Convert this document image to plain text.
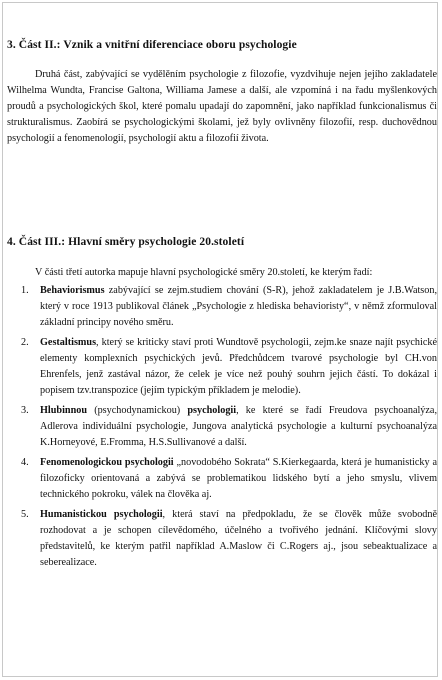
3. Část II.: Vznik a vnitřní diferenciace oboru psychologie

Druhá část, zabývající se vydělěním psychologie z filozofie, vyzdvihuje nejen jejího zakladatele Wilhelma Wundta, Francise Galtona, Williama Jamese a další, ale vzpomíná i na řadu myšlenkových proudů a psychologických škol, které pomalu upadají do zapomnění, jako například funkcionalismus či strukturalismus. Zaobírá se psychologickými školami, jež byly ovlivněny filozofií, resp. duchovědnou psychologií a fenomenologií, psychologií aktu a filozofií života.

4. Část III.: Hlavní směry psychologie 20.století

V části třetí autorka mapuje hlavní psychologické směry 20.století, ke kterým řadí:

1. Behaviorismus zabývající se zejm.studiem chování (S-R), jehož zakladatelem je J.B.Watson, který v roce 1913 publikoval článek „Psychologie z hlediska behavioristy“, v němž zformuloval základní principy nového směru.
2. Gestaltismus, který se kriticky staví proti Wundtově psychologii, zejm.ke snaze najít psychické elementy komplexních psychických jevů. Předchůdcem tvarové psychologie byl CH.von Ehrenfels, jenž zastával názor, že celek je více než pouhý souhrn jejich částí. To dokázal i popisem tzv.transpozice (jejím typickým příkladem je melodie).
3. Hlubinnou (psychodynamickou) psychologii, ke které se řadí Freudova psychoanalýza, Adlerova individuální psychologie, Jungova analytická psychologie a kulturní psychoanalýza K.Horneyové, E.Fromma, H.S.Sullivanové a další.
4. Fenomenologickou psychologii „novodobého Sokrata“ S.Kierkegaarda, která je humanisticky a filozoficky orientovaná a zabývá se problematikou lidského bytí a jeho smyslu, vlivem technického pokroku, válek na člověka aj.
5. Humanistickou psychologii, která staví na předpokladu, že se člověk může svobodně rozhodovat a je schopen cílevědomého, účelného a tvořivého jednání. Klíčovými slovy představitelů, ke kterým patřil například A.Maslow či C.Rogers aj., jsou sebeaktualizace a seberealizace.
